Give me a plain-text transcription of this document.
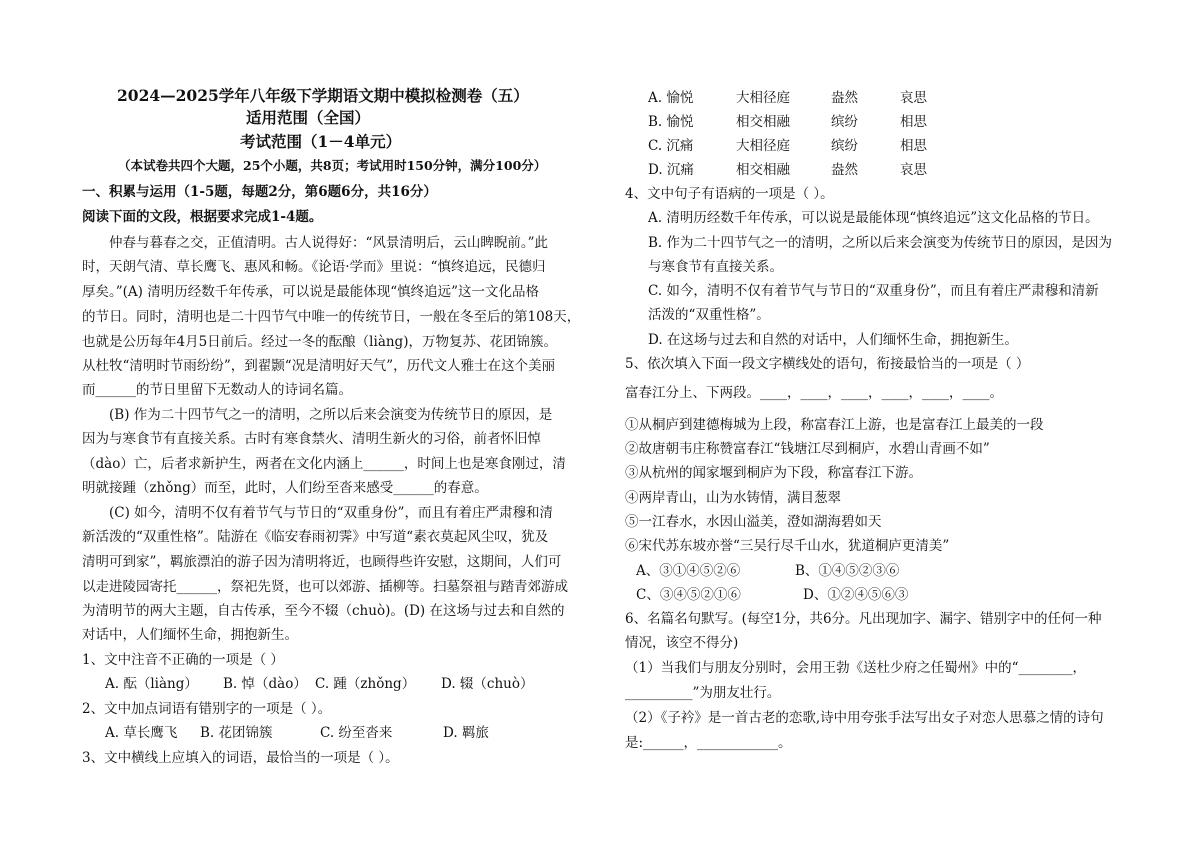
2024—2025学年八年级下学期语文期中模拟检测卷（五）
适用范围（全国）
考试范围（1－4单元）
（本试卷共四个大题，25个小题，共8页；考试用时150分钟，满分100分）
一、积累与运用（1-5题，每题2分，第6题6分，共16分）
阅读下面的文段，根据要求完成1-4题。
仲春与暮春之交，正值清明。古人说得好：“风景清明后，云山睥睨前。”此
时，天朗气清、草长鹰飞、惠风和畅。《论语·学而》里说：“慎终追远，民德归
厚矣。”(A) 清明历经数千年传承，可以说是最能体现“慎终追远”这一文化品格
的节日。同时，清明也是二十四节气中唯一的传统节日，一般在冬至后的第108天，
也就是公历每年4月5日前后。经过一冬的酝酿（liàng)，万物复苏、花团锦簇。
从杜牧“清明时节雨纷纷”，到翟颢“况是清明好天气”，历代文人雅士在这个美丽
而______的节日里留下无数动人的诗词名篇。
(B) 作为二十四节气之一的清明，之所以后来会演变为传统节日的原因，是
因为与寒食节有直接关系。古时有寒食禁火、清明生新火的习俗，前者怀旧悼
（dào）亡，后者求新护生，两者在文化内涵上______，时间上也是寒食刚过，清
明就接踵（zhǒng）而至，此时，人们纷至沓来感受______的春意。
(C) 如今，清明不仅有着节气与节日的“双重身份”，而且有着庄严肃穆和清
新活泼的“双重性格”。陆游在《临安春雨初霁》中写道“素衣莫起风尘叹，犹及
清明可到家”，羁旅漂泊的游子因为清明将近，也顾得些许安慰，这期间，人们可
以走进陵园寄托______，祭祀先贤，也可以郊游、插柳等。扫墓祭祖与踏青郊游成
为清明节的两大主题，自古传承，至今不辍（chuò)。(D) 在这场与过去和自然的
对话中，人们缅怀生命，拥抱新生。
1、文中注音不正确的一项是（ ）
A. 酝（liàng） B. 悼（dào） C. 踵（zhǒng） D. 辍（chuò）
2、文中加点词语有错别字的一项是（ ）。
A. 草长鹰飞 B. 花团锦簇	C. 纷至沓来	D. 羁旅
3、文中横线上应填入的词语，最恰当的一项是（ ）。
A. 愉悦	大相径庭	盎然	哀思
B. 愉悦	相交相融	缤纷	相思
C. 沉痛	大相径庭	缤纷	相思
D. 沉痛	相交相融	盎然	哀思
4、文中句子有语病的一项是（ ）。
A. 清明历经数千年传承，可以说是最能体现“慎终追远”这文化品格的节日。
B. 作为二十四节气之一的清明，之所以后来会演变为传统节日的原因，是因为
与寒食节有直接关系。
C. 如今，清明不仅有着节气与节日的“双重身份”，而且有着庄严肃穆和清新
活泼的“双重性格”。
D. 在这场与过去和自然的对话中，人们缅怀生命，拥抱新生。
5、依次填入下面一段文字横线处的语句，衔接最恰当的一项是（ ）
富春江分上、下两段。____，____，____，____，____，____。
①从桐庐到建德梅城为上段，称富春江上游，也是富春江上最美的一段
②故唐朝韦庄称赞富春江“钱塘江尽到桐庐，水碧山青画不如”
③从杭州的闻家堰到桐庐为下段，称富春江下游。
④两岸青山，山为水铸情，满目葱翠
⑤一江春水，水因山溢美，澄如湖海碧如天
⑥宋代苏东坡亦誉“三吴行尽千山水，犹道桐庐更清美”
A、③①④⑤②⑥	B、①④⑤②③⑥
C、③④⑤②①⑥	D、①②④⑤⑥③
6、名篇名句默写。(每空1分，共6分。凡出现加字、漏字、错别字中的任何一种
情况，该空不得分)
（1）当我们与朋友分别时，会用王勃《送杜少府之任蜀州》中的“________，
__________”为朋友壮行。
（2）《子衿》是一首古老的恋歌,诗中用夸张手法写出女子对恋人思慕之情的诗句
是:______，____________。
